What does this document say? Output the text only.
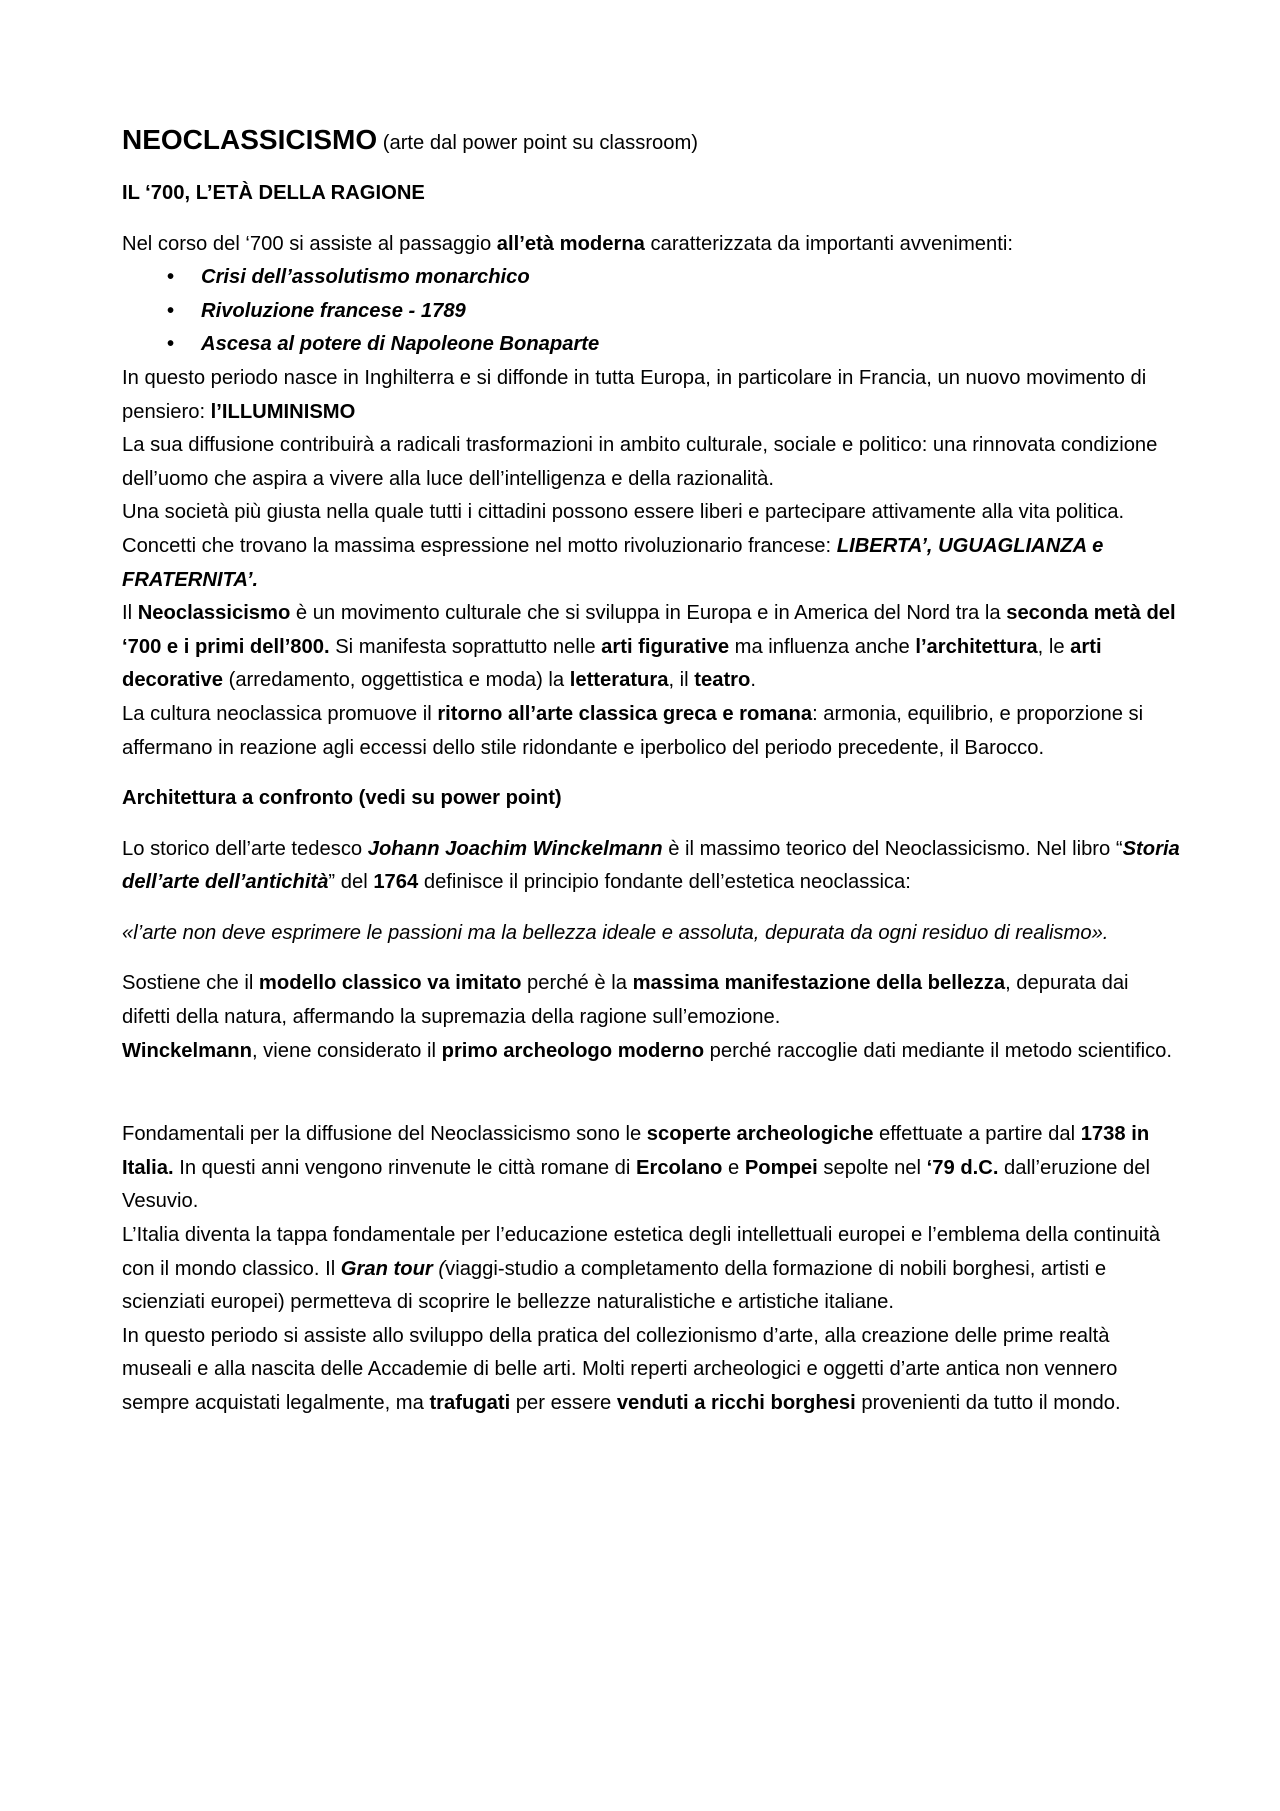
NEOCLASSICISMO (arte dal power point su classroom)
IL ‘700, L’ETÀ DELLA RAGIONE

Nel corso del ‘700 si assiste al passaggio all’età moderna caratterizzata da importanti avvenimenti:

• Crisi dell’assolutismo monarchico
• Rivoluzione francese - 1789
• Ascesa al potere di Napoleone Bonaparte

In questo periodo nasce in Inghilterra e si diffonde in tutta Europa, in particolare in Francia, un nuovo movimento di pensiero: l’ILLUMINISMO

La sua diffusione contribuirà a radicali trasformazioni in ambito culturale, sociale e politico: una rinnovata condizione dell’uomo che aspira a vivere alla luce dell’intelligenza e della razionalità.

Una società più giusta nella quale tutti i cittadini possono essere liberi e partecipare attivamente alla vita politica.

Concetti che trovano la massima espressione nel motto rivoluzionario francese: LIBERTA’, UGUAGLIANZA e FRATERNITA’.

Il Neoclassicismo è un movimento culturale che si sviluppa in Europa e in America del Nord tra la seconda metà del ‘700 e i primi dell’800. Si manifesta soprattutto nelle arti figurative ma influenza anche l’architettura, le arti decorative (arredamento, oggettistica e moda) la letteratura, il teatro.

La cultura neoclassica promuove il ritorno all’arte classica greca e romana: armonia, equilibrio, e proporzione si affermano in reazione agli eccessi dello stile ridondante e iperbolico del periodo precedente, il Barocco.

Architettura a confronto (vedi su power point)

Lo storico dell’arte tedesco Johann Joachim Winckelmann è il massimo teorico del Neoclassicismo. Nel libro “Storia dell’arte dell’antichità” del 1764 definisce il principio fondante dell’estetica neoclassica:

«l’arte non deve esprimere le passioni ma la bellezza ideale e assoluta, depurata da ogni residuo di realismo».

Sostiene che il modello classico va imitato perché è la massima manifestazione della bellezza, depurata dai difetti della natura, affermando la supremazia della ragione sull’emozione.

Winckelmann, viene considerato il primo archeologo moderno perché raccoglie dati mediante il metodo scientifico.

Fondamentali per la diffusione del Neoclassicismo sono le scoperte archeologiche effettuate a partire dal 1738 in Italia. In questi anni vengono rinvenute le città romane di Ercolano e Pompei sepolte nel ‘79 d.C. dall’eruzione del Vesuvio.

L’Italia diventa la tappa fondamentale per l’educazione estetica degli intellettuali europei e l’emblema della continuità con il mondo classico. Il Gran tour (viaggi-studio a completamento della formazione di nobili borghesi, artisti e scienziati europei) permetteva di scoprire le bellezze naturalistiche e artistiche italiane.

In questo periodo si assiste allo sviluppo della pratica del collezionismo d’arte, alla creazione delle prime realtà museali e alla nascita delle Accademie di belle arti. Molti reperti archeologici e oggetti d’arte antica non vennero sempre acquistati legalmente, ma trafugati per essere venduti a ricchi borghesi provenienti da tutto il mondo.
